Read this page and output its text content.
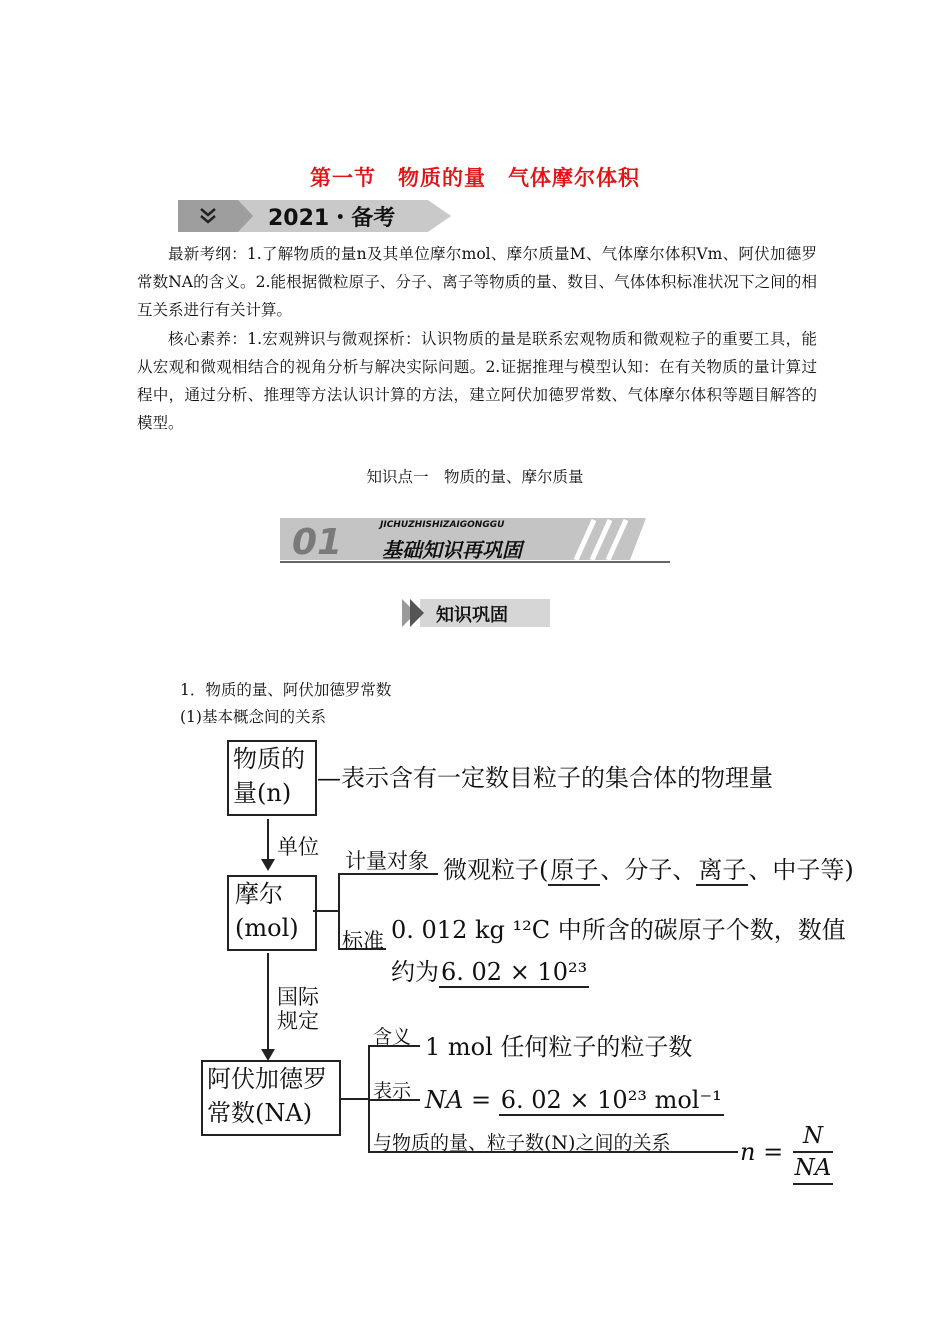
第一节　物质的量　气体摩尔体积
2021・备考
最新考纲：1.了解物质的量n及其单位摩尔mol、摩尔质量M、气体摩尔体积Vm、阿伏加德罗常数NA的含义。2.能根据微粒原子、分子、离子等物质的量、数目、气体体积标准状况下之间的相互关系进行有关计算。
核心素养：1.宏观辨识与微观探析：认识物质的量是联系宏观物质和微观粒子的重要工具，能从宏观和微观相结合的视角分析与解决实际问题。2.证据推理与模型认知：在有关物质的量计算过程中，通过分析、推理等方法认识计算的方法，建立阿伏加德罗常数、气体摩尔体积等题目解答的模型。
知识点一　物质的量、摩尔质量
01	JICHUZHISHIZAIGONGGU
基础知识再巩固
知识巩固
1．物质的量、阿伏加德罗常数
(1)基本概念间的关系
物质的
量(n)
—表示含有一定数目粒子的集合体的物理量
单位
摩尔
(mol)
计量对象 微观粒子(原子、分子、离子、中子等)
标准 0. 012 kg ¹²C 中所含的碳原子个数，数值
约为6. 02 × 10²³
国际
规定
阿伏加德罗
常数(NA)
含义 1 mol 任何粒子的粒子数
表示 NA = 6. 02 × 10²³ mol⁻¹
与物质的量、粒子数(N)之间的关系	$n = \frac{N}{NA}$
